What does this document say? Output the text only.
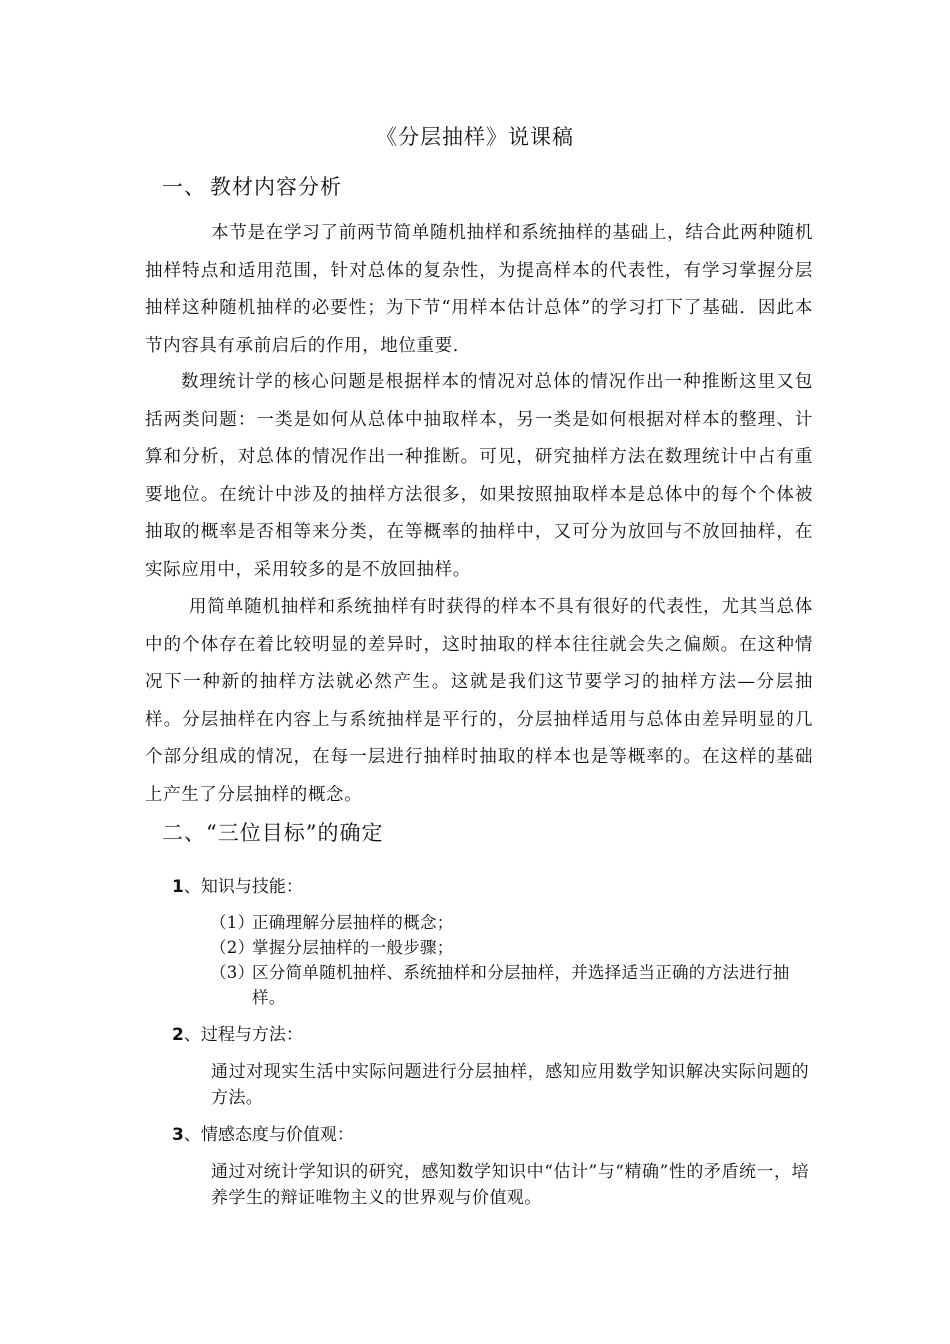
《分层抽样》说课稿
一、 教材内容分析
本节是在学习了前两节简单随机抽样和系统抽样的基础上，结合此两种随机抽样特点和适用范围，针对总体的复杂性，为提高样本的代表性，有学习掌握分层抽样这种随机抽样的必要性；为下节“用样本估计总体”的学习打下了基础．因此本节内容具有承前启后的作用，地位重要．
数理统计学的核心问题是根据样本的情况对总体的情况作出一种推断这里又包括两类问题：一类是如何从总体中抽取样本，另一类是如何根据对样本的整理、计算和分析，对总体的情况作出一种推断。可见，研究抽样方法在数理统计中占有重要地位。在统计中涉及的抽样方法很多，如果按照抽取样本是总体中的每个个体被抽取的概率是否相等来分类，在等概率的抽样中，又可分为放回与不放回抽样，在实际应用中，采用较多的是不放回抽样。
用简单随机抽样和系统抽样有时获得的样本不具有很好的代表性，尤其当总体中的个体存在着比较明显的差异时，这时抽取的样本往往就会失之偏颇。在这种情况下一种新的抽样方法就必然产生。这就是我们这节要学习的抽样方法—分层抽样。分层抽样在内容上与系统抽样是平行的，分层抽样适用与总体由差异明显的几个部分组成的情况，在每一层进行抽样时抽取的样本也是等概率的。在这样的基础上产生了分层抽样的概念。
二、“三位目标”的确定
1、知识与技能：
（1）
正确理解分层抽样的概念；
（2）
掌握分层抽样的一般步骤；
（3）
区分简单随机抽样、系统抽样和分层抽样，并选择适当正确的方法进行抽样。
2、过程与方法：
通过对现实生活中实际问题进行分层抽样，感知应用数学知识解决实际问题的方法。
3、情感态度与价值观：
通过对统计学知识的研究，感知数学知识中“估计”与“精确”性的矛盾统一，培养学生的辩证唯物主义的世界观与价值观。
